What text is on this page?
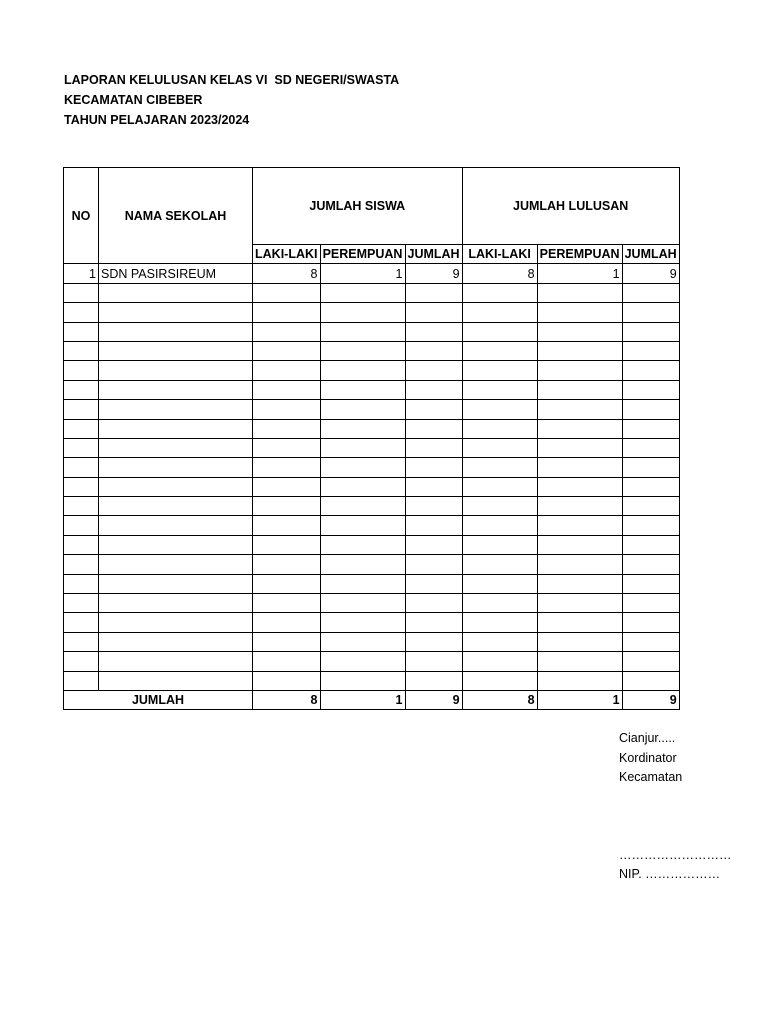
LAPORAN KELULUSAN KELAS VI  SD NEGERI/SWASTA
KECAMATAN CIBEBER
TAHUN PELAJARAN 2023/2024
NO	NAMA SEKOLAH	JUMLAH SISWA			JUMLAH LULUSAN		
		LAKI-LAKI	PEREMPUAN	JUMLAH	LAKI-LAKI	PEREMPUAN	JUMLAH
1	SDN PASIRSIREUM	8	1	9	8	1	9

JUMLAH		8	1	9	8	1	9
Cianjur.....
Kordinator
Kecamatan
………………………
NIP. ………………
